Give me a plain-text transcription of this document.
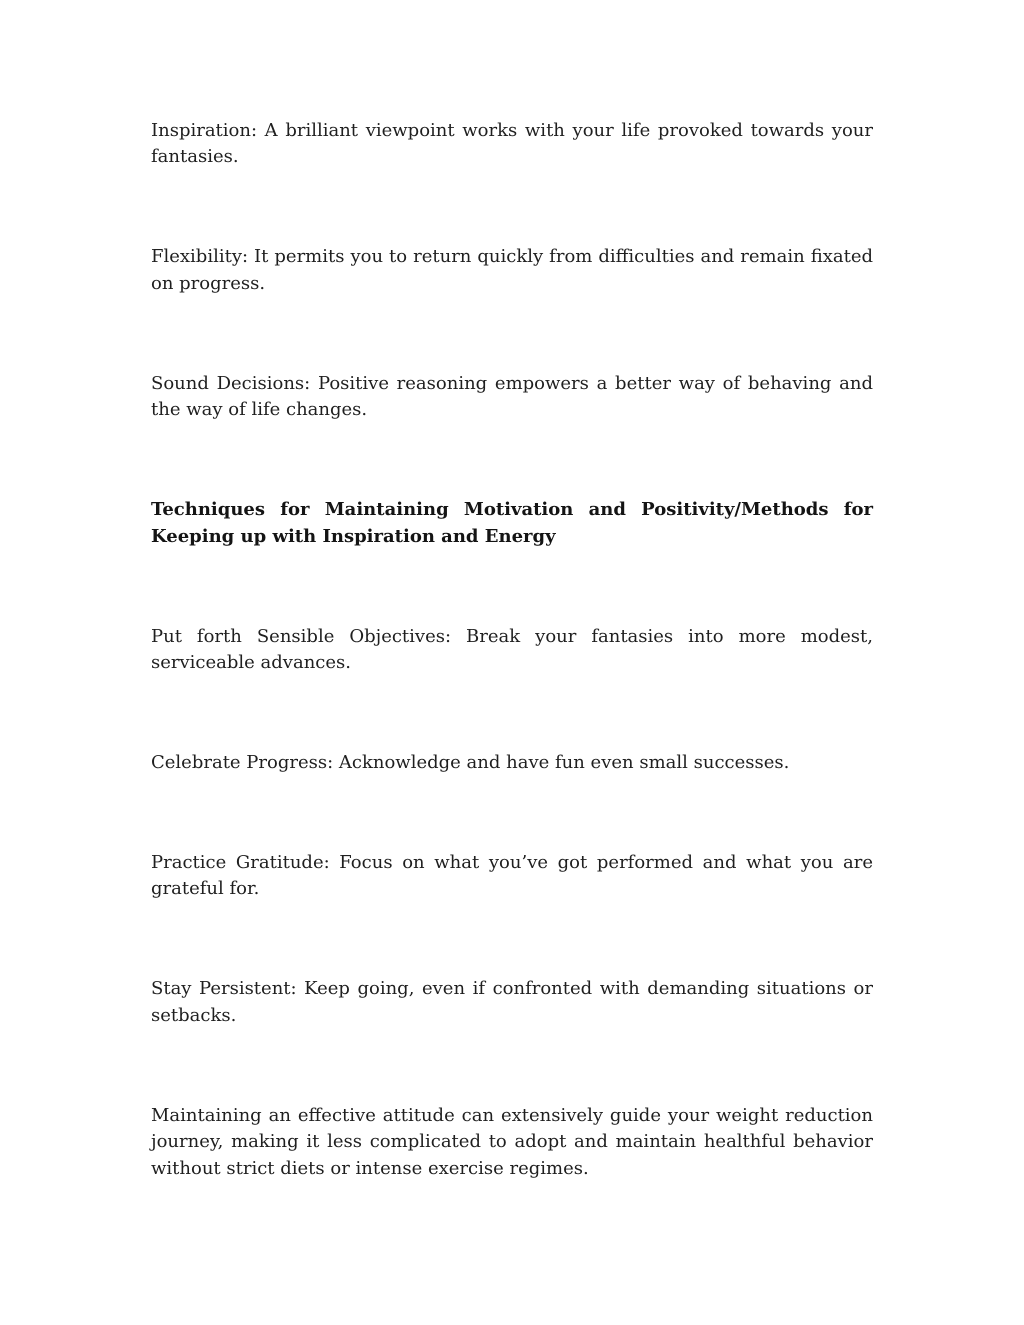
Inspiration: A brilliant viewpoint works with your life provoked towards your fantasies.

Flexibility: It permits you to return quickly from difficulties and remain fixated on progress.

Sound Decisions: Positive reasoning empowers a better way of behaving and the way of life changes.

Techniques for Maintaining Motivation and Positivity/Methods for Keeping up with Inspiration and Energy

Put forth Sensible Objectives: Break your fantasies into more modest, serviceable advances.

Celebrate Progress: Acknowledge and have fun even small successes.

Practice Gratitude: Focus on what you’ve got performed and what you are grateful for.

Stay Persistent: Keep going, even if confronted with demanding situations or setbacks.

Maintaining an effective attitude can extensively guide your weight reduction journey, making it less complicated to adopt and maintain healthful behavior without strict diets or intense exercise regimes.
